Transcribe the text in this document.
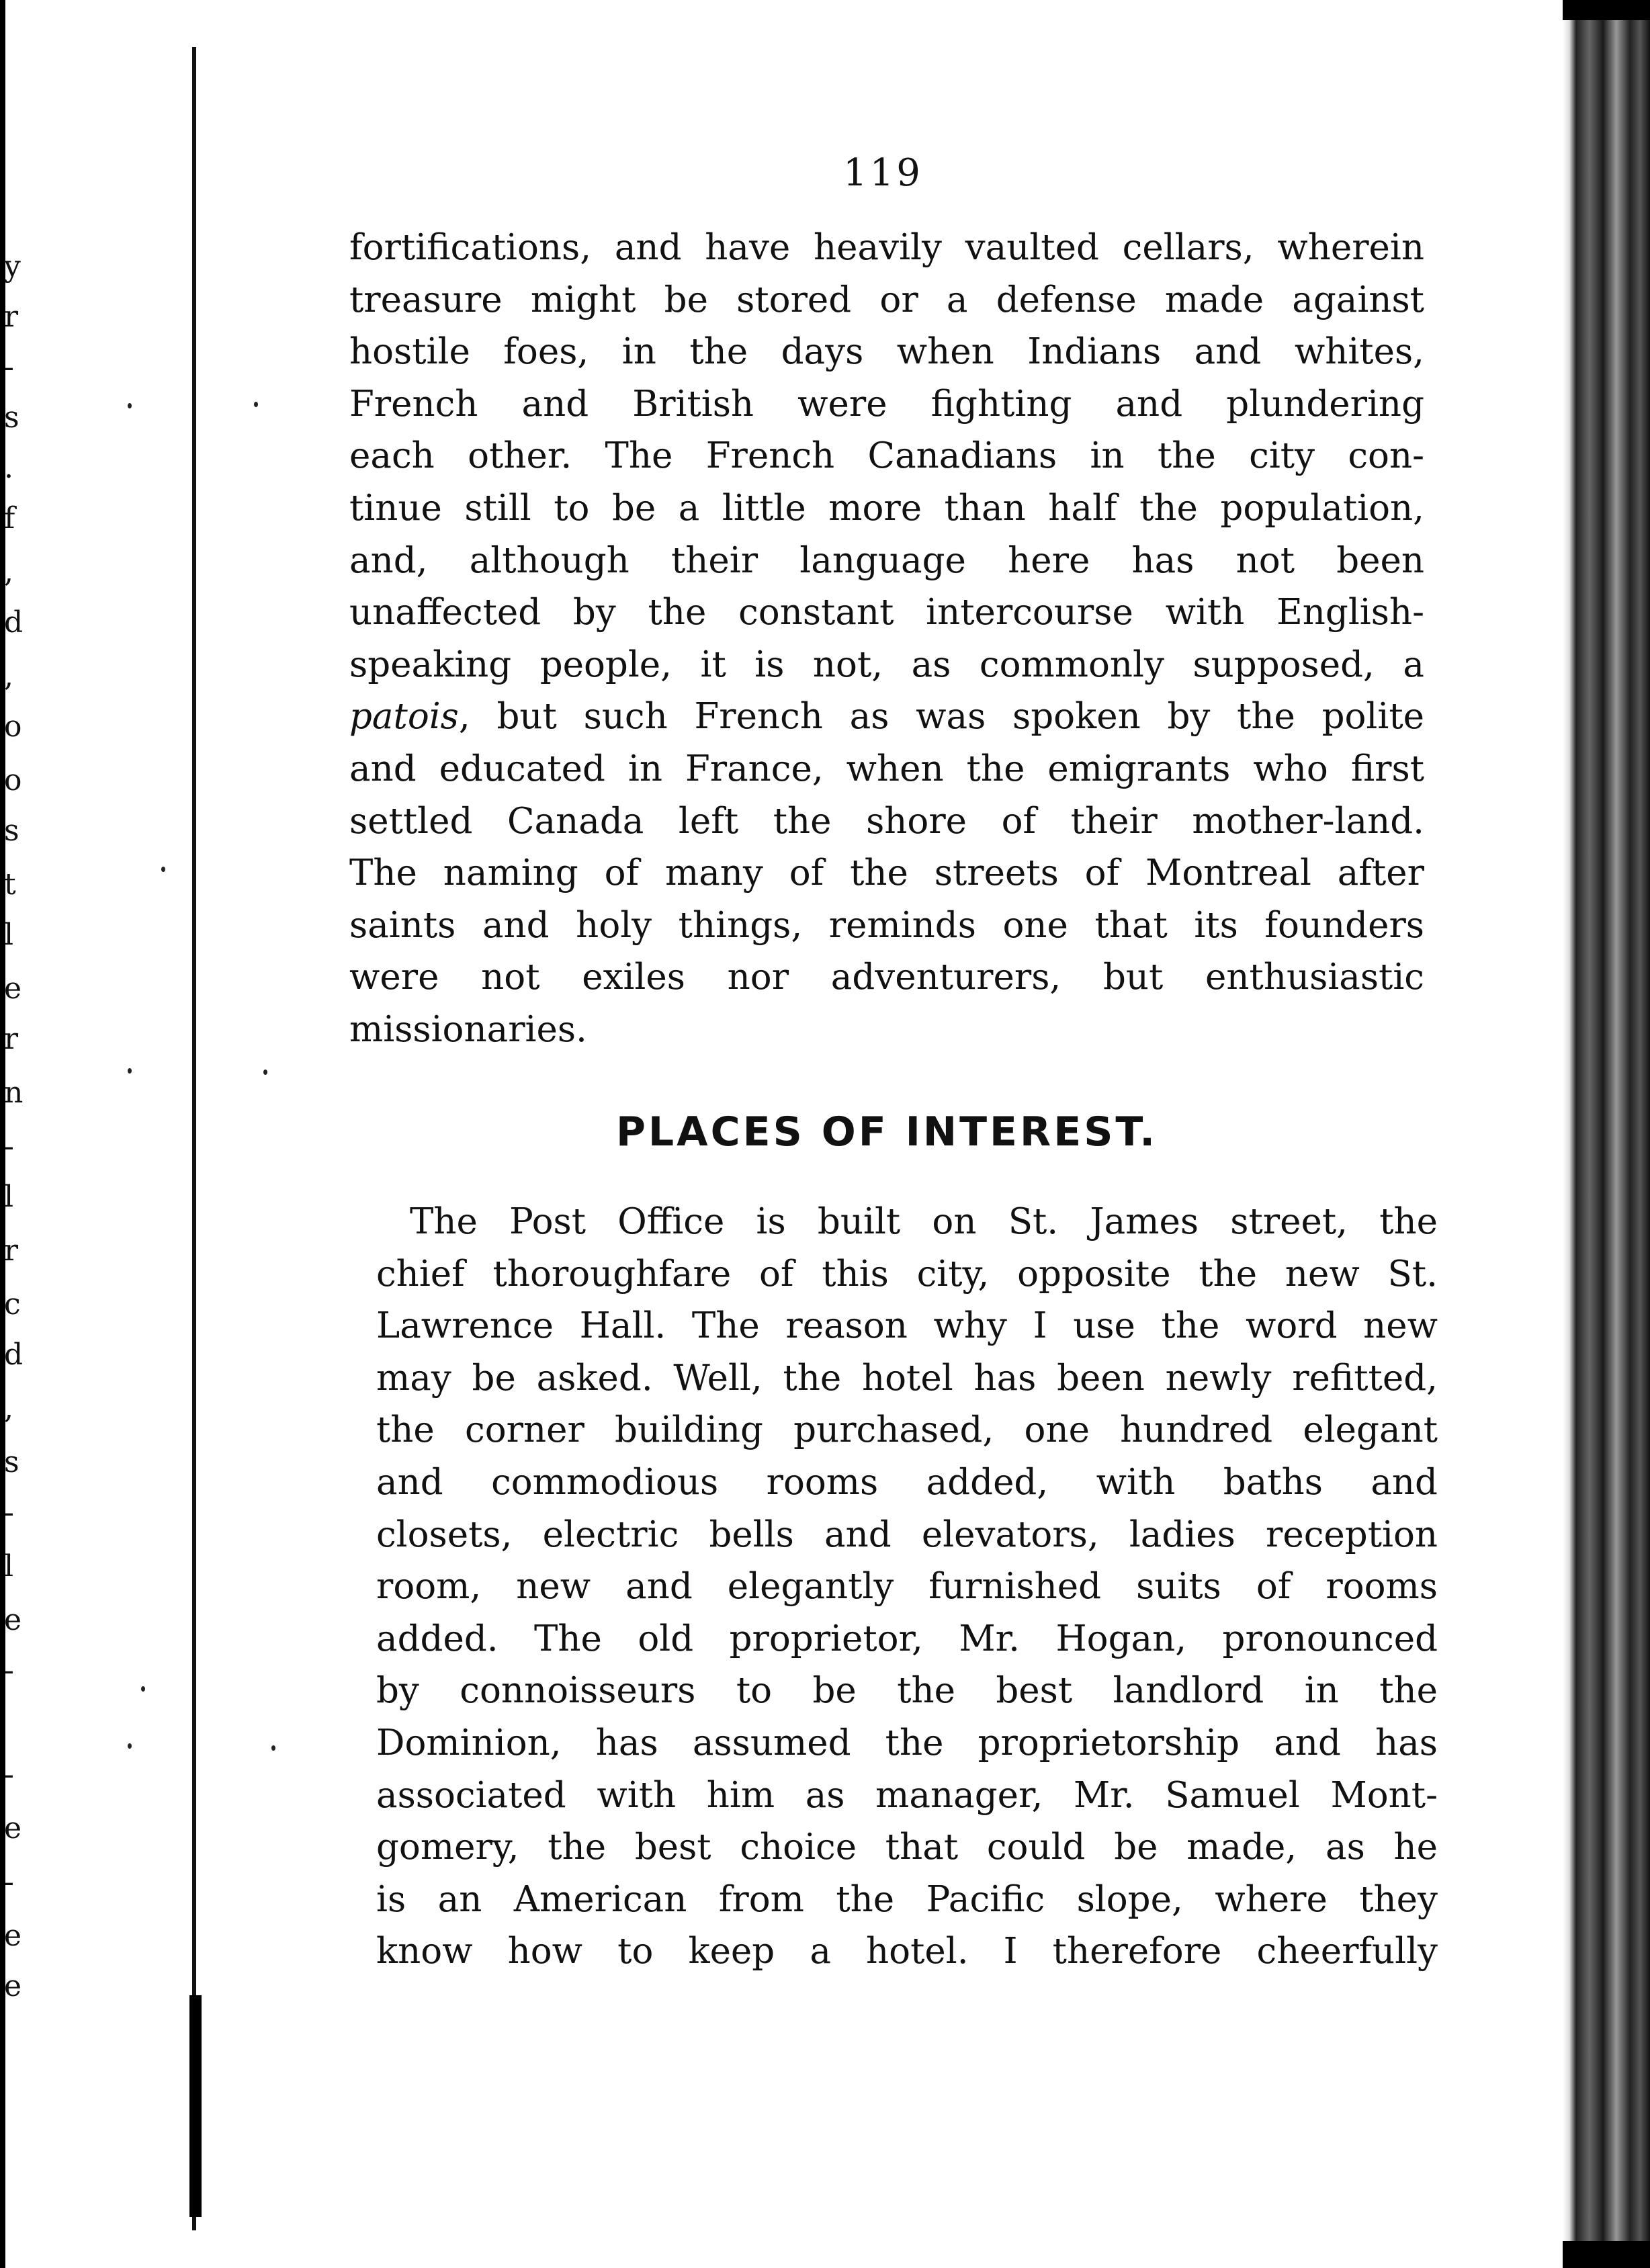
y
r
-
s
.
f
,
d
,
o
o
s
t
l
e
r
n
-
l
r
c
d
,
s
-
l
e
-
-
e
-
e
e
119
fortifications, and have heavily vaulted cellars, wherein
treasure might be stored or a defense made against
hostile foes, in the days when Indians and whites,
French and British were fighting and plundering
each other. The French Canadians in the city con-
tinue still to be a little more than half the population,
and, although their language here has not been
unaffected by the constant intercourse with English-
speaking people, it is not, as commonly supposed, a
patois, but such French as was spoken by the polite
and educated in France, when the emigrants who first
settled Canada left the shore of their mother-land.
The naming of many of the streets of Montreal after
saints and holy things, reminds one that its founders
were not exiles nor adventurers, but enthusiastic
missionaries.
PLACES OF INTEREST.
The Post Office is built on St. James street, the
chief thoroughfare of this city, opposite the new St.
Lawrence Hall. The reason why I use the word new
may be asked. Well, the hotel has been newly refitted,
the corner building purchased, one hundred elegant
and commodious rooms added, with baths and
closets, electric bells and elevators, ladies reception
room, new and elegantly furnished suits of rooms
added. The old proprietor, Mr. Hogan, pronounced
by connoisseurs to be the best landlord in the
Dominion, has assumed the proprietorship and has
associated with him as manager, Mr. Samuel Mont-
gomery, the best choice that could be made, as he
is an American from the Pacific slope, where they
know how to keep a hotel. I therefore cheerfully
